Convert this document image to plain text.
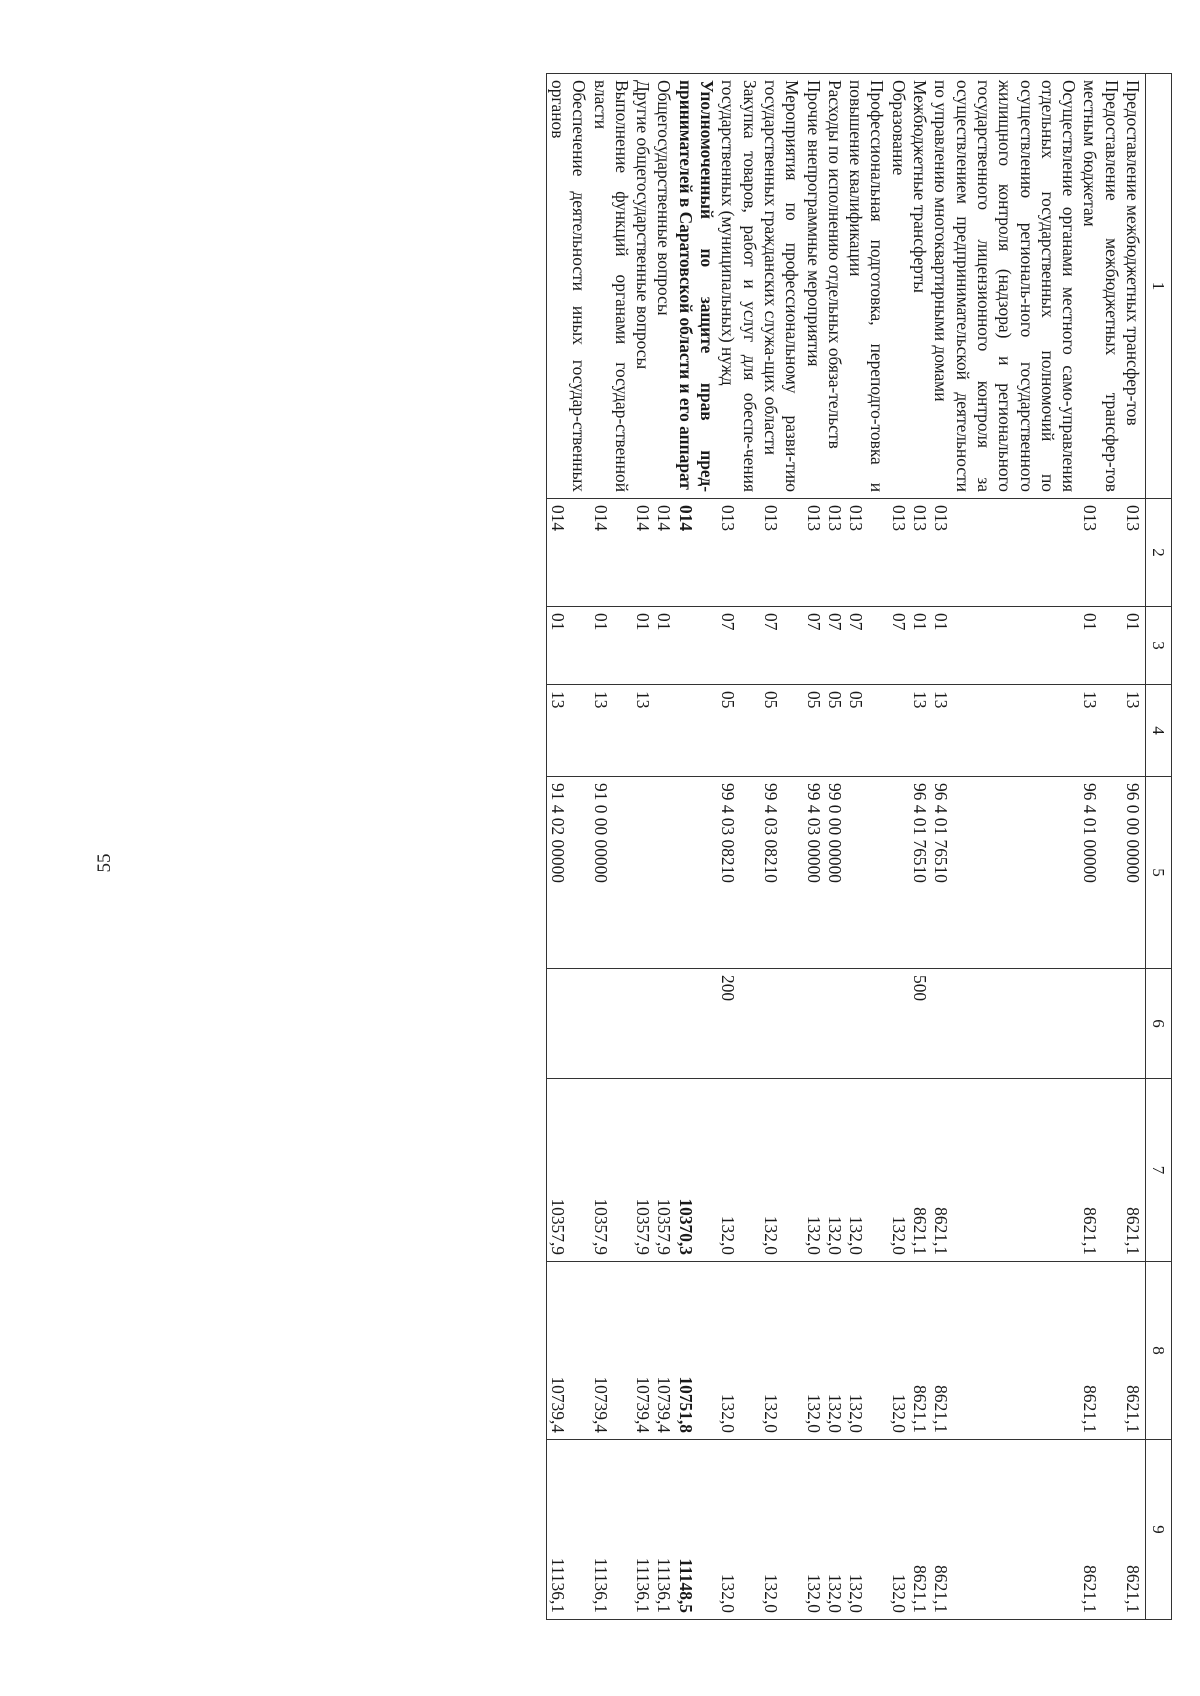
55
1	2	3	4	5	6	7	8	9
Предоставление межбюджетных трансфер-тов	013	01	13	96 0 00 00000		8621,1	8621,1	8621,1
Предоставление межбюджетных трансфер-тов местным бюджетам	013	01	13	96 4 01 00000		8621,1	8621,1	8621,1
Осуществление органами местного само-управления отдельных государственных полномочий по осуществлению региональ-ного государственного жилищного контроля (надзора) и регионального государственного лицензионного контроля за осуществлением предпринимательской деятельности по управлению многоквартирными домами	013	01	13	96 4 01 76510		8621,1	8621,1	8621,1
Межбюджетные трансферты	013	01	13	96 4 01 76510	500	8621,1	8621,1	8621,1
Образование	013	07				132,0	132,0	132,0
Профессиональная подготовка, переподго-товка и повышение квалификации	013	07	05			132,0	132,0	132,0
Расходы по исполнению отдельных обяза-тельств	013	07	05	99 0 00 00000		132,0	132,0	132,0
Прочие внепрограммные мероприятия	013	07	05	99 4 03 00000		132,0	132,0	132,0
Мероприятия по профессиональному разви-тию государственных гражданских служа-щих области	013	07	05	99 4 03 08210		132,0	132,0	132,0
Закупка товаров, работ и услуг для обеспе-чения государственных (муниципальных) нужд	013	07	05	99 4 03 08210	200	132,0	132,0	132,0
Уполномоченный по защите прав пред-принимателей в Саратовской области и его аппарат	014					10370,3	10751,8	11148,5
Общегосударственные вопросы	014	01				10357,9	10739,4	11136,1
Другие общегосударственные вопросы	014	01	13			10357,9	10739,4	11136,1
Выполнение функций органами государ-ственной власти	014	01	13	91 0 00 00000		10357,9	10739,4	11136,1
Обеспечение деятельности иных государ-ственных органов	014	01	13	91 4 02 00000		10357,9	10739,4	11136,1
